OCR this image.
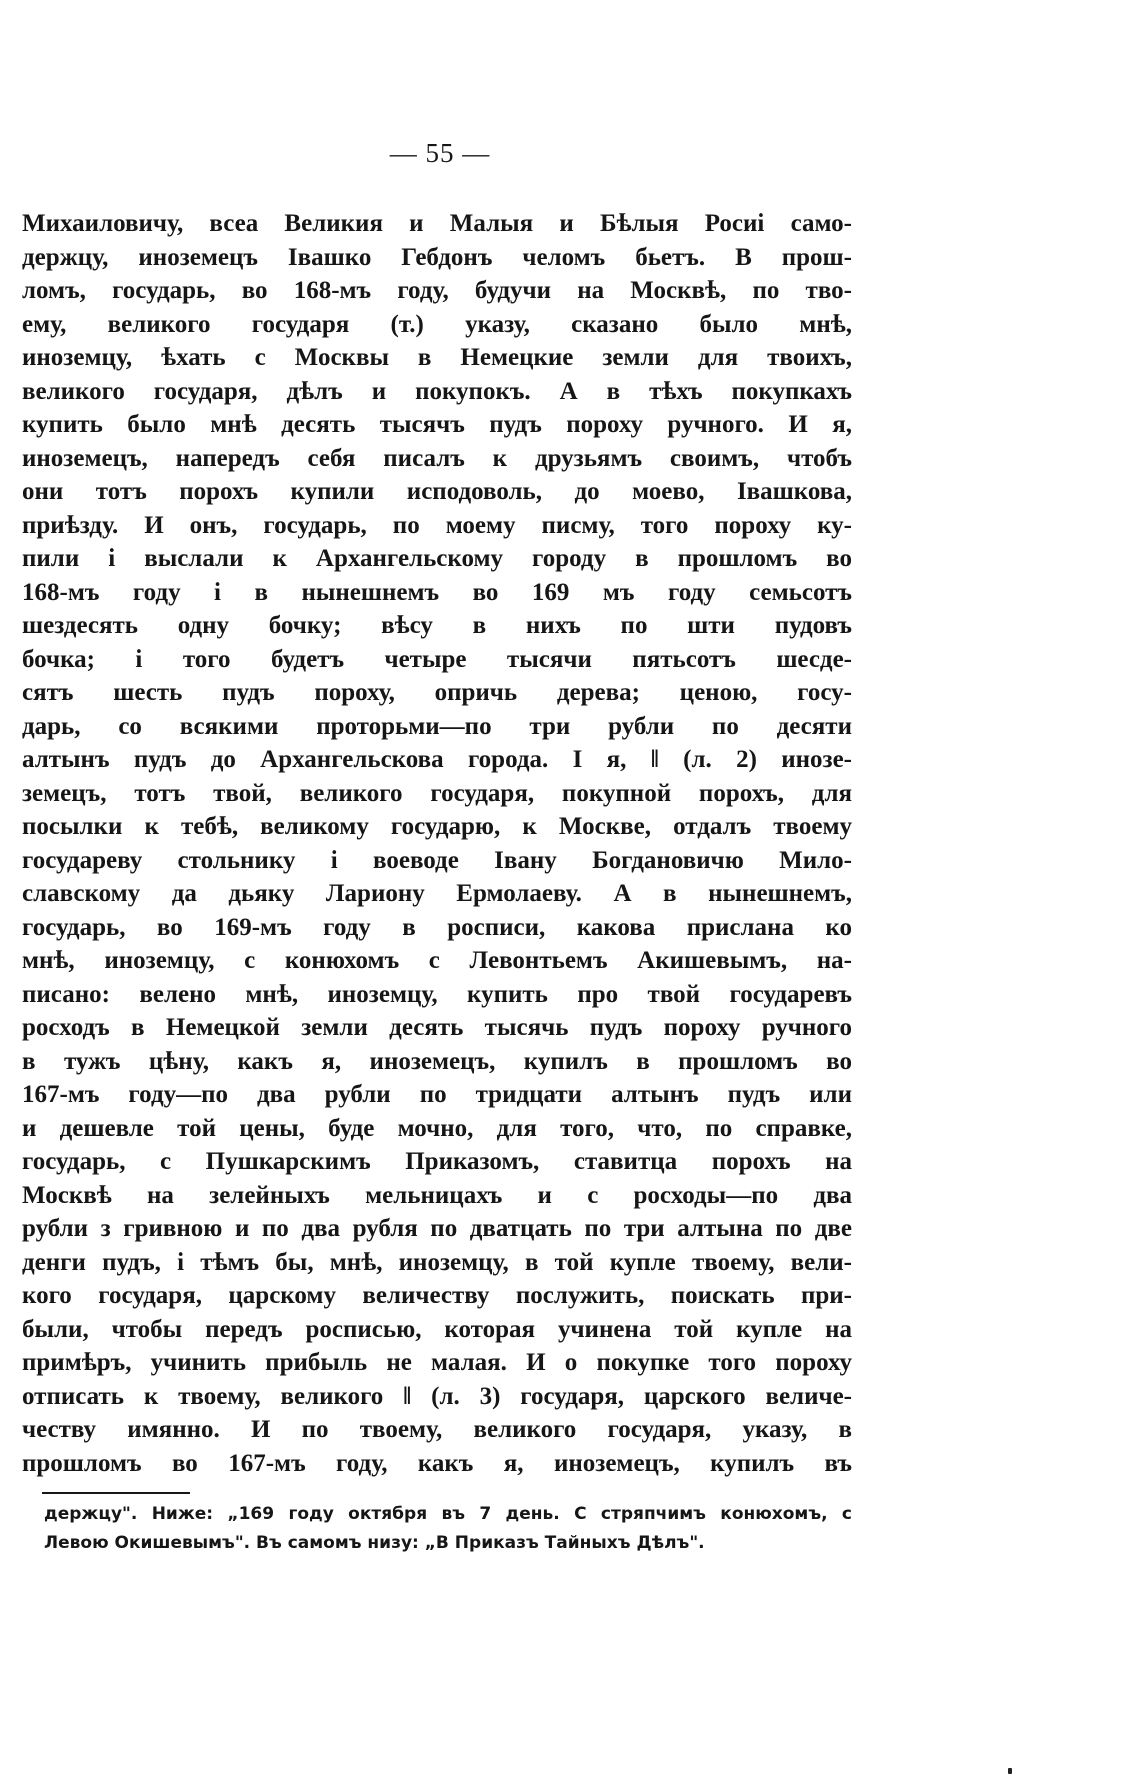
— 55 —
Михаиловичу, всеа Великия и Малыя и Бѣлыя Росиі само-
держцу, иноземецъ Івашко Гебдонъ челомъ бьетъ. В прош-
ломъ, государь, во 168-мъ году, будучи на Москвѣ, по тво-
ему, великого государя (т.) указу, сказано было мнѣ,
иноземцу, ѣхать с Москвы в Немецкие земли для твоихъ,
великого государя, дѣлъ и покупокъ. А в тѣхъ покупкахъ
купить было мнѣ десять тысячъ пудъ пороху ручного. И я,
иноземецъ, напередъ себя писалъ к друзьямъ своимъ, чтобъ
они тотъ порохъ купили исподоволь, до моево, Івашкова,
приѣзду. И онъ, государь, по моему писму, того пороху ку-
пили і выслали к Архангельскому городу в прошломъ во
168-мъ году і в нынешнемъ во 169 мъ году семьсотъ
шездесять одну бочку; вѣсу в нихъ по шти пудовъ
бочка; і того будетъ четыре тысячи пятьсотъ шесде-
сятъ шесть пудъ пороху, опричь дерева; ценою, госу-
дарь, со всякими проторьми—по три рубли по десяти
алтынъ пудъ до Архангельскова города. І я, ‖ (л. 2) инозе-
земецъ, тотъ твой, великого государя, покупной порохъ, для
посылки к тебѣ, великому государю, к Москве, отдалъ твоему
государеву стольнику і воеводе Івану Богдановичю Мило-
славскому да дьяку Лариону Ермолаеву. А в нынешнемъ,
государь, во 169-мъ году в росписи, какова прислана ко
мнѣ, иноземцу, с конюхомъ с Левонтьемъ Акишевымъ, на-
писано: велено мнѣ, иноземцу, купить про твой государевъ
росходъ в Немецкой земли десять тысячь пудъ пороху ручного
в тужъ цѣну, какъ я, иноземецъ, купилъ в прошломъ во
167-мъ году—по два рубли по тридцати алтынъ пудъ или
и дешевле той цены, буде мочно, для того, что, по справке,
государь, с Пушкарскимъ Приказомъ, ставитца порохъ на
Москвѣ на зелейныхъ мельницахъ и с росходы—по два
рубли з гривною и по два рубля по дватцать по три алтына по две
денги пудъ, і тѣмъ бы, мнѣ, иноземцу, в той купле твоему, вели-
кого государя, царскому величеству послужить, поискать при-
были, чтобы передъ росписью, которая учинена той купле на
примѣръ, учинить прибыль не малая. И о покупке того пороху
отписать к твоему, великого ‖ (л. 3) государя, царского величе-
честву имянно. И по твоему, великого государя, указу, в
прошломъ во 167-мъ году, какъ я, иноземецъ, купилъ въ
держцу". Ниже: „169 году октября въ 7 день. С стряпчимъ конюхомъ, с
Левою Окишевымъ". Въ самомъ низу: „В Приказъ Тайныхъ Дѣлъ".
